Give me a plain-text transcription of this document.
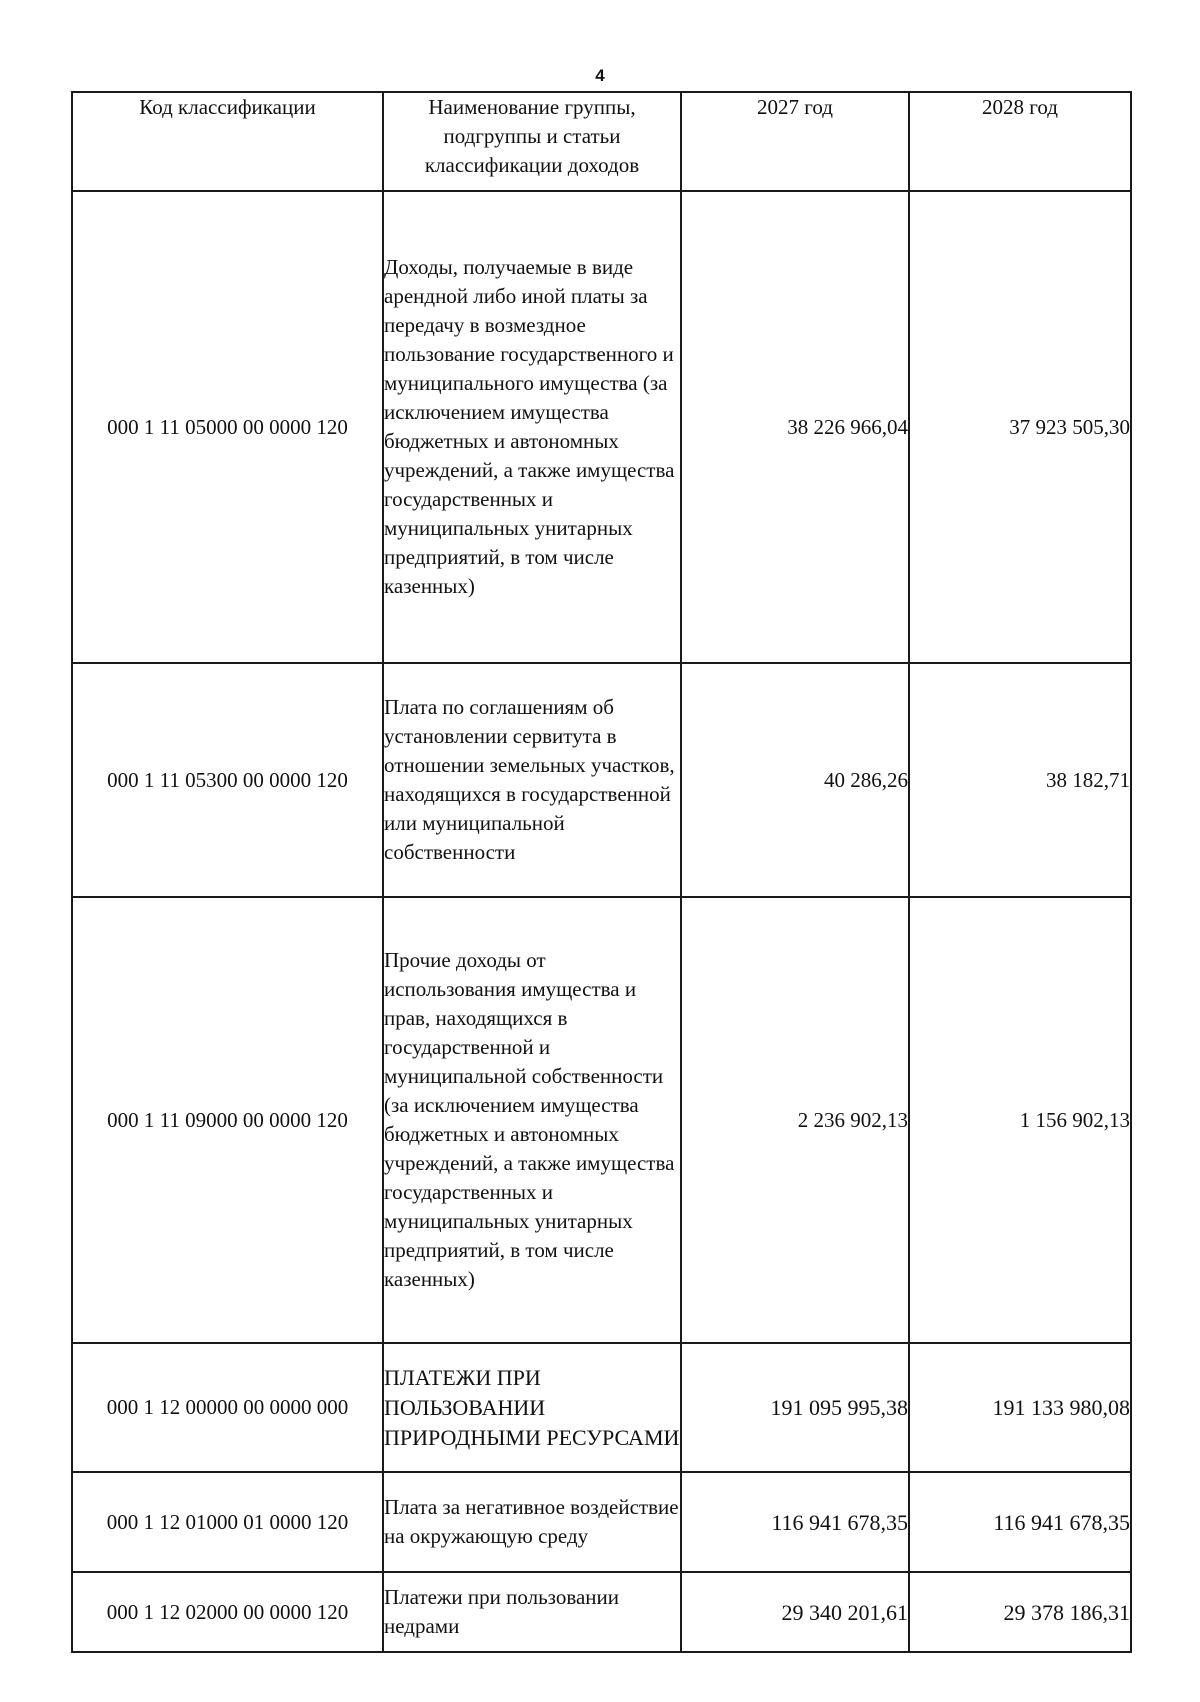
4
Код классификации	Наименование группы, подгруппы и статьи классификации доходов	2027 год	2028 год
000 1 11 05000 00 0000 120	Доходы, получаемые в виде арендной либо иной платы за передачу в возмездное пользование государственного и муниципального имущества (за исключением имущества бюджетных и автономных учреждений, а также имущества государственных и муниципальных унитарных предприятий, в том числе казенных)	38 226 966,04	37 923 505,30
000 1 11 05300 00 0000 120	Плата по соглашениям об установлении сервитута в отношении земельных участков, находящихся в государственной или муниципальной собственности	40 286,26	38 182,71
000 1 11 09000 00 0000 120	Прочие доходы от использования имущества и прав, находящихся в государственной и муниципальной собственности (за исключением имущества бюджетных и автономных учреждений, а также имущества государственных и муниципальных унитарных предприятий, в том числе казенных)	2 236 902,13	1 156 902,13
000 1 12 00000 00 0000 000	ПЛАТЕЖИ ПРИ ПОЛЬЗОВАНИИ ПРИРОДНЫМИ РЕСУРСАМИ	191 095 995,38	191 133 980,08
000 1 12 01000 01 0000 120	Плата за негативное воздействие на окружающую среду	116 941 678,35	116 941 678,35
000 1 12 02000 00 0000 120	Платежи при пользовании недрами	29 340 201,61	29 378 186,31
